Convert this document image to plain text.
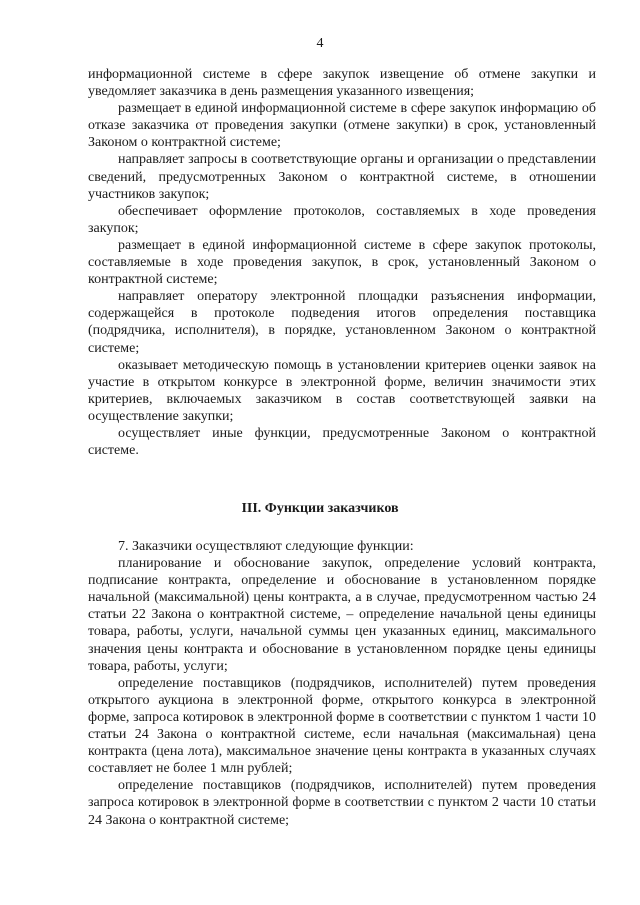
4

информационной системе в сфере закупок извещение об отмене закупки и уведомляет заказчика в день размещения указанного извещения;

размещает в единой информационной системе в сфере закупок информацию об отказе заказчика от проведения закупки (отмене закупки) в срок, установленный Законом о контрактной системе;

направляет запросы в соответствующие органы и организации о представлении сведений, предусмотренных Законом о контрактной системе, в отношении участников закупок;

обеспечивает оформление протоколов, составляемых в ходе проведения закупок;

размещает в единой информационной системе в сфере закупок протоколы, составляемые в ходе проведения закупок, в срок, установленный Законом о контрактной системе;

направляет оператору электронной площадки разъяснения информации, содержащейся в протоколе подведения итогов определения поставщика (подрядчика, исполнителя), в порядке, установленном Законом о контрактной системе;

оказывает методическую помощь в установлении критериев оценки заявок на участие в открытом конкурсе в электронной форме, величин значимости этих критериев, включаемых заказчиком в состав соответствующей заявки на осуществление закупки;

осуществляет иные функции, предусмотренные Законом о контрактной системе.

III. Функции заказчиков

7. Заказчики осуществляют следующие функции:

планирование и обоснование закупок, определение условий контракта, подписание контракта, определение и обоснование в установленном порядке начальной (максимальной) цены контракта, а в случае, предусмотренном частью 24 статьи 22 Закона о контрактной системе, – определение начальной цены единицы товара, работы, услуги, начальной суммы цен указанных единиц, максимального значения цены контракта и обоснование в установленном порядке цены единицы товара, работы, услуги;

определение поставщиков (подрядчиков, исполнителей) путем проведения открытого аукциона в электронной форме, открытого конкурса в электронной форме, запроса котировок в электронной форме в соответствии с пунктом 1 части 10 статьи 24 Закона о контрактной системе, если начальная (максимальная) цена контракта (цена лота), максимальное значение цены контракта в указанных случаях составляет не более 1 млн рублей;

определение поставщиков (подрядчиков, исполнителей) путем проведения запроса котировок в электронной форме в соответствии с пунктом 2 части 10 статьи 24 Закона о контрактной системе;
